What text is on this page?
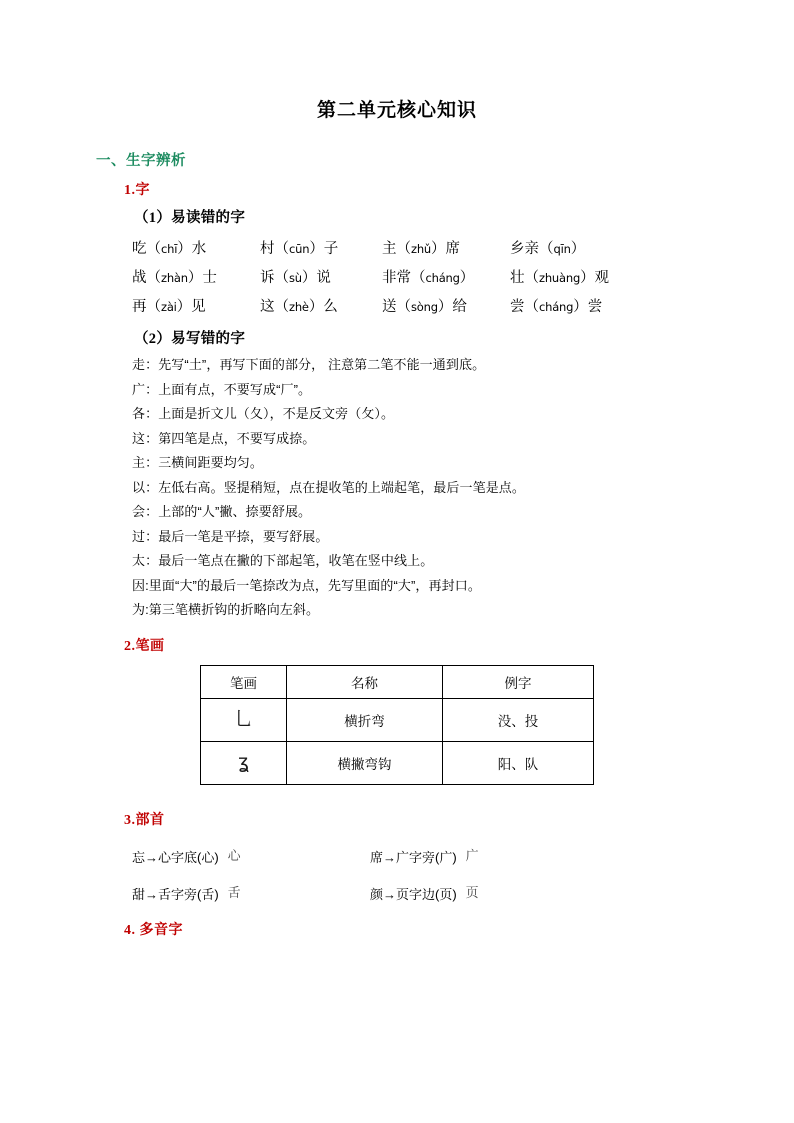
第二单元核心知识
一、生字辨析
1.字
（1）易读错的字
吃（chī）水	村（cūn）子	主（zhǔ）席	乡亲（qīn）
战（zhàn）士	诉（sù）说	非常（cháng）	壮（zhuàng）观
再（zài）见	这（zhè）么	送（sòng）给	尝（cháng）尝
（2）易写错的字
走：先写“土”，再写下面的部分， 注意第二笔不能一通到底。
广：上面有点，不要写成“厂”。
各：上面是折文儿（夂），不是反文旁（攵）。
这：第四笔是点，不要写成捺。
主：三横间距要均匀。
以：左低右高。竖提稍短，点在提收笔的上端起笔，最后一笔是点。
会：上部的“人”撇、捺要舒展。
过：最后一笔是平捺，要写舒展。
太：最后一笔点在撇的下部起笔，收笔在竖中线上。
因:里面“大”的最后一笔捺改为点，先写里面的“大”，再封口。
为:第三笔横折钩的折略向左斜。
2.笔画
笔画	名称	例字
乚	横折弯	没、投
ʓ	横撇弯钩	阳、队
3.部首
忘→心字底(心) 心	席→广字旁(广) 广
甜→舌字旁(舌) 舌	颜→页字边(页) 页
4. 多音字
